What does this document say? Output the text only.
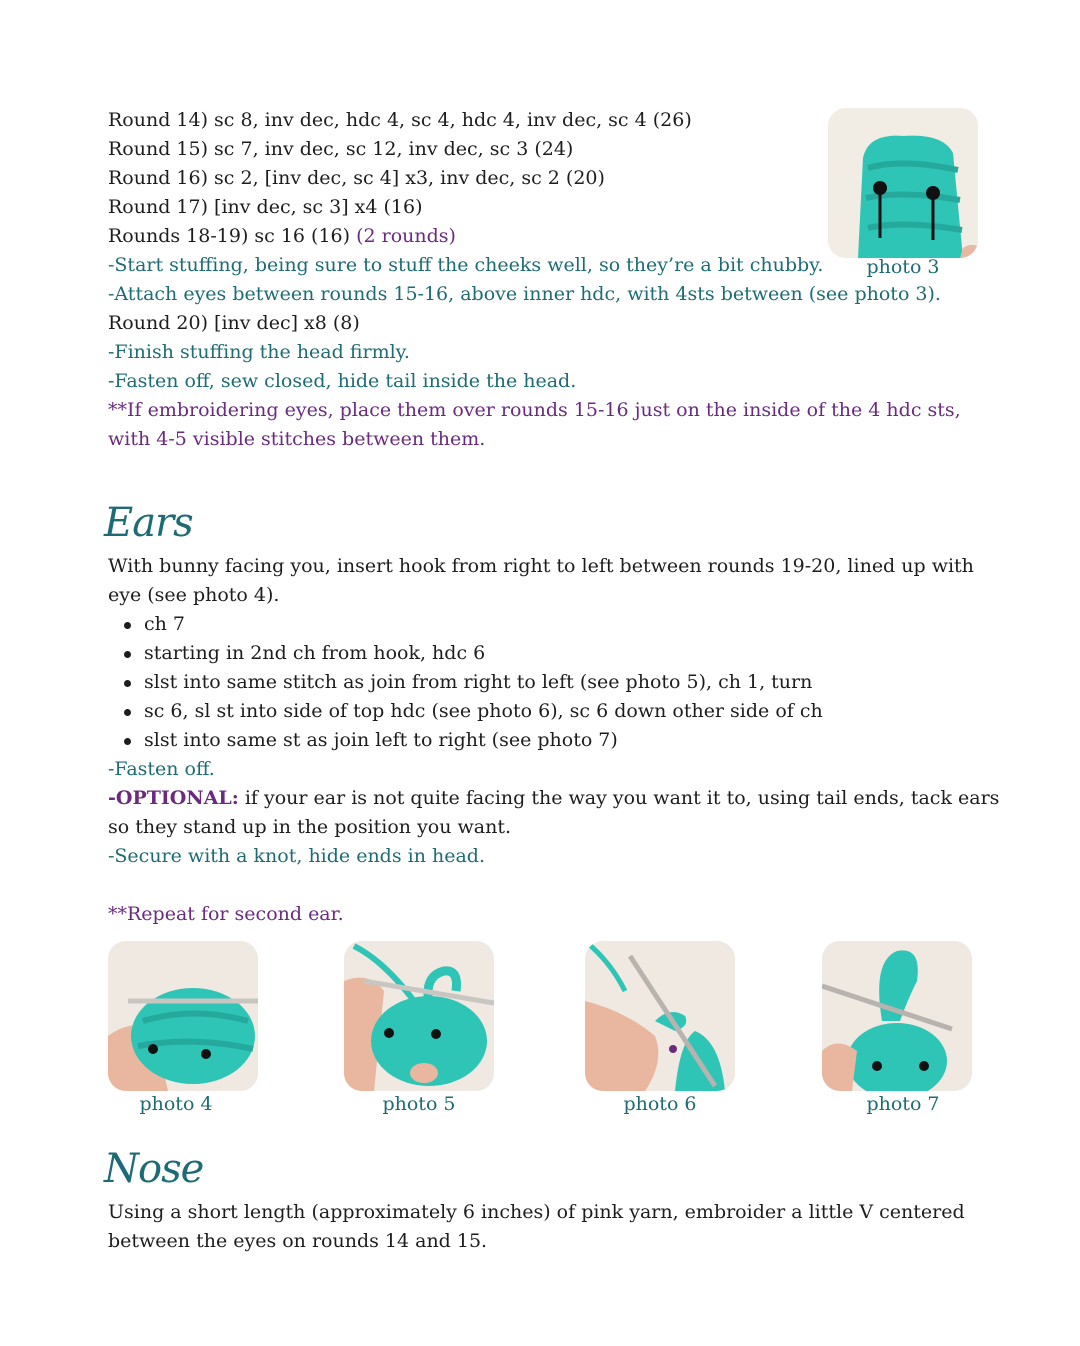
Round 14) sc 8, inv dec, hdc 4, sc 4, hdc 4, inv dec, sc 4 (26)
Round 15) sc 7, inv dec, sc 12, inv dec, sc 3 (24)
Round 16) sc 2, [inv dec, sc 4] x3, inv dec, sc 2 (20)
Round 17) [inv dec, sc 3] x4 (16)
Rounds 18-19) sc 16 (16) (2 rounds)
-Start stuffing, being sure to stuff the cheeks well, so they’re a bit chubby.
-Attach eyes between rounds 15-16, above inner hdc, with 4sts between (see photo 3).
Round 20) [inv dec] x8 (8)
-Finish stuffing the head firmly.
-Fasten off, sew closed, hide tail inside the head.
**If embroidering eyes, place them over rounds 15-16 just on the inside of the 4 hdc sts,
with 4-5 visible stitches between them.
photo 3
Ears
With bunny facing you, insert hook from right to left between rounds 19-20, lined up with
eye (see photo 4).
ch 7
starting in 2nd ch from hook, hdc 6
slst into same stitch as join from right to left (see photo 5), ch 1, turn
sc 6, sl st into side of top hdc (see photo 6), sc 6 down other side of ch
slst into same st as join left to right (see photo 7)
-Fasten off.
-OPTIONAL: if your ear is not quite facing the way you want it to, using tail ends, tack ears
so they stand up in the position you want.
-Secure with a knot, hide ends in head.
**Repeat for second ear.
photo 4	photo 5	photo 6	photo 7
Nose
Using a short length (approximately 6 inches) of pink yarn, embroider a little V centered
between the eyes on rounds 14 and 15.
